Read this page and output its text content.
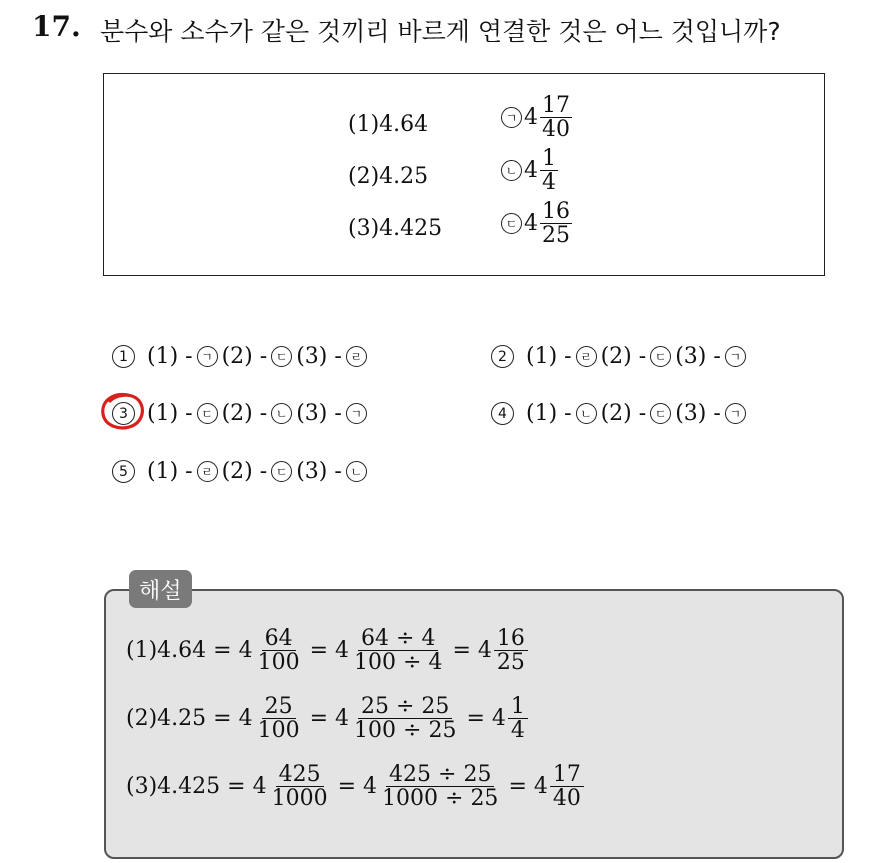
17. 분수와 소수가 같은 것끼리 바르게 연결한 것은 어느 것입니까?
(1)4.64
(2)4.25
(3)4.425
ㄱ $4 \frac{17}{40}$
ㄴ $4 \frac{1}{4}$
ㄷ $4 \frac{16}{25}$
1 (1) - ㄱ (2) - ㄷ (3) - ㄹ	2 (1) - ㄹ (2) - ㄷ (3) - ㄱ
3 (1) - ㄷ (2) - ㄴ (3) - ㄱ	4 (1) - ㄴ (2) - ㄷ (3) - ㄱ
5 (1) - ㄹ (2) - ㄷ (3) - ㄴ
해설
$(1)4.64 = 4 \frac{64}{100} = 4 \frac{64 \div 4}{100 \div 4} = 4 \frac{16}{25}$
$(2)4.25 = 4 \frac{25}{100} = 4 \frac{25 \div 25}{100 \div 25} = 4 \frac{1}{4}$
$(3)4.425 = 4 \frac{425}{1000} = 4 \frac{425 \div 25}{1000 \div 25} = 4 \frac{17}{40}$
